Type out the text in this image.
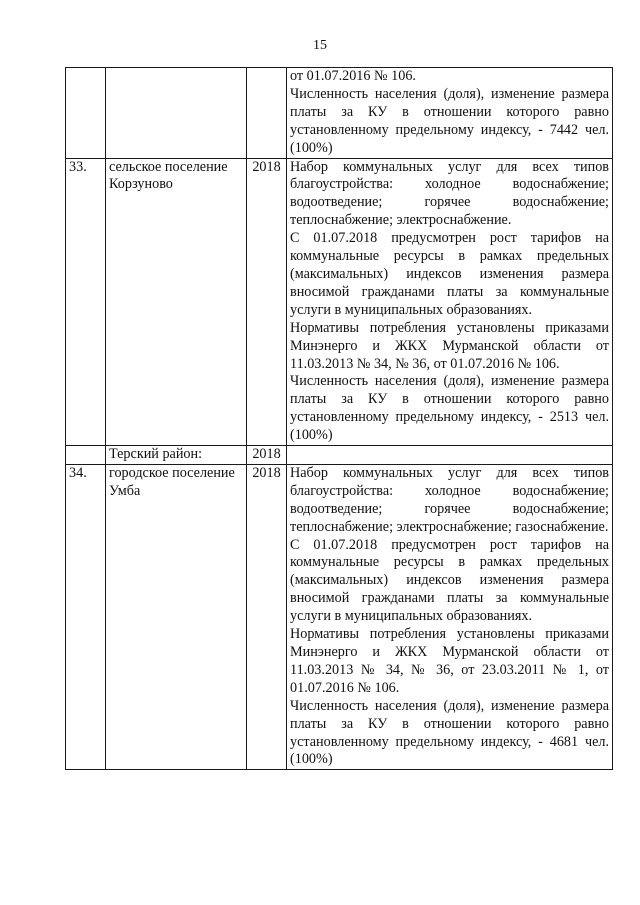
15

			от 01.07.2016 № 106.
Численность населения (доля), изменение размера платы за КУ в отношении которого равно установленному предельному индексу, - 7442 чел. (100%)

33.	сельское поселение Корзуново	2018	Набор коммунальных услуг для всех типов благоустройства: холодное водоснабжение; водоотведение; горячее водоснабжение; теплоснабжение; электроснабжение.
С 01.07.2018 предусмотрен рост тарифов на коммунальные ресурсы в рамках предельных (максимальных) индексов изменения размера вносимой гражданами платы за коммунальные услуги в муниципальных образованиях.
Нормативы потребления установлены приказами Минэнерго и ЖКХ Мурманской области от 11.03.2013 № 34, № 36, от 01.07.2016 № 106.
Численность населения (доля), изменение размера платы за КУ в отношении которого равно установленному предельному индексу, - 2513 чел. (100%)

	Терский район:	2018	
34.	городское поселение Умба	2018	Набор коммунальных услуг для всех типов благоустройства: холодное водоснабжение; водоотведение; горячее водоснабжение; теплоснабжение; электроснабжение; газоснабжение.
С 01.07.2018 предусмотрен рост тарифов на коммунальные ресурсы в рамках предельных (максимальных) индексов изменения размера вносимой гражданами платы за коммунальные услуги в муниципальных образованиях.
Нормативы потребления установлены приказами Минэнерго и ЖКХ Мурманской области от 11.03.2013 № 34, № 36, от 23.03.2011 № 1, от 01.07.2016 № 106.
Численность населения (доля), изменение размера платы за КУ в отношении которого равно установленному предельному индексу, - 4681 чел. (100%)
